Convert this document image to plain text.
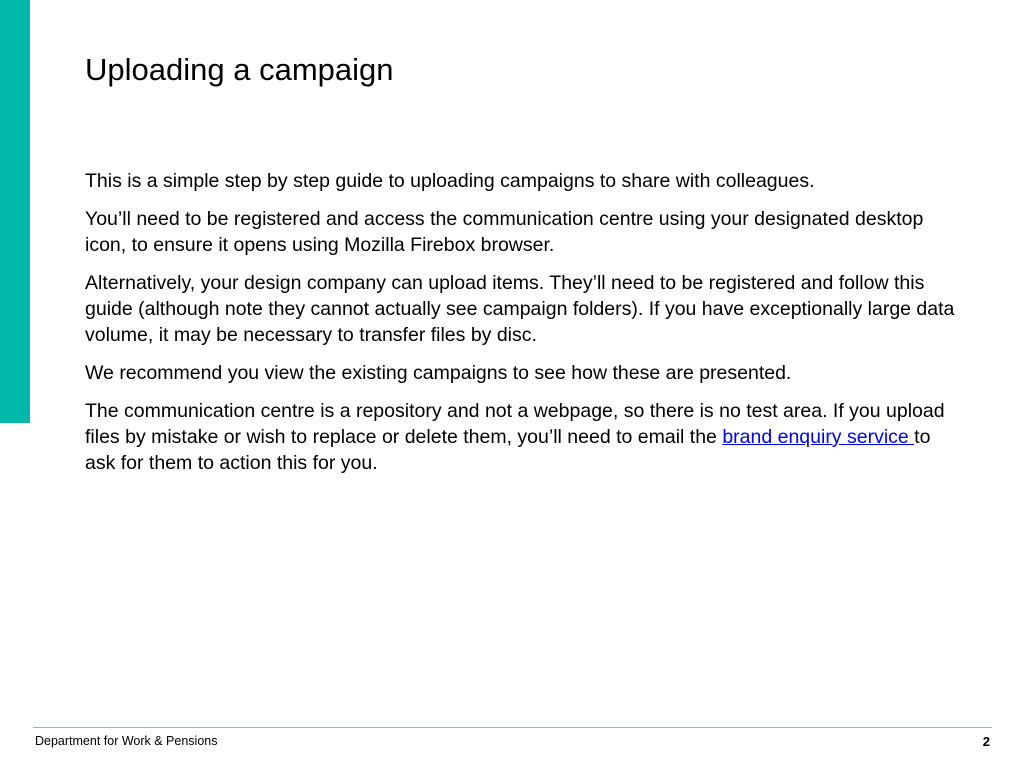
Uploading a campaign

This is a simple step by step guide to uploading campaigns to share with colleagues.

You’ll need to be registered and access the communication centre using your designated desktop icon, to ensure it opens using Mozilla Firebox browser.

Alternatively, your design company can upload items. They’ll need to be registered and follow this guide (although note they cannot actually see campaign folders). If you have exceptionally large data volume, it may be necessary to transfer files by disc.

We recommend you view the existing campaigns to see how these are presented.

The communication centre is a repository and not a webpage, so there is no test area. If you upload files by mistake or wish to replace or delete them, you’ll need to email the brand enquiry service to ask for them to action this for you.

Department for Work & Pensions	2
